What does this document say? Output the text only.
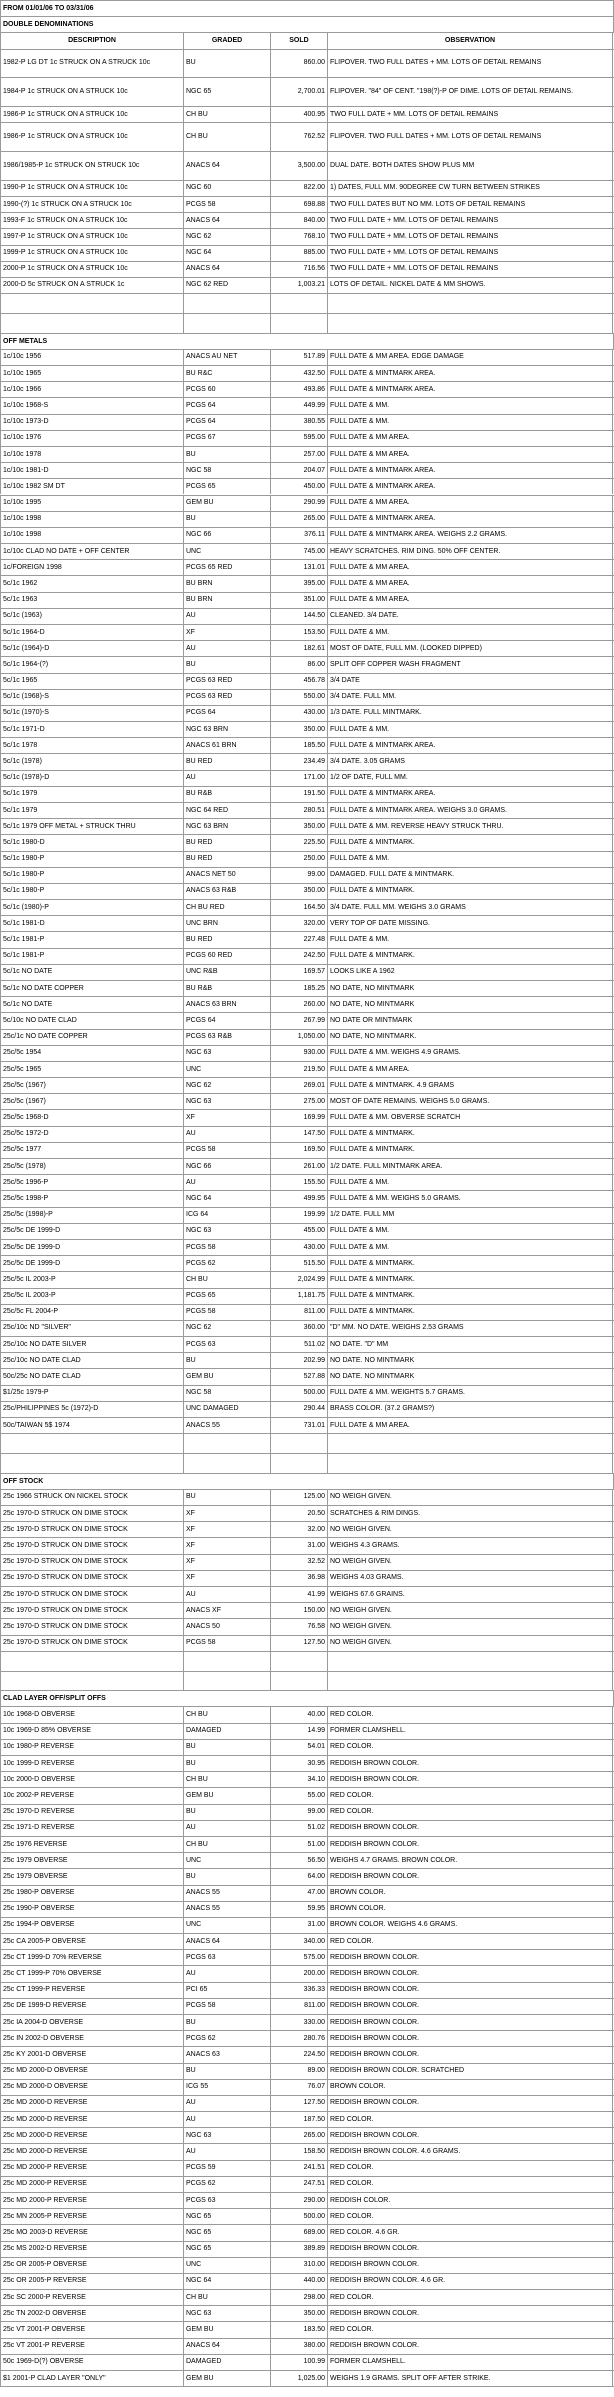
FROM 01/01/06 TO 03/31/06
DOUBLE DENOMINATIONS
DESCRIPTION	GRADED	SOLD	OBSERVATION
1982-P LG DT 1c STRUCK ON A STRUCK 10c	BU	860.00 FLIPOVER. TWO FULL DATES + MM. LOTS OF DETAIL REMAINS
1984-P 1c STRUCK ON A STRUCK 10c	NGC 65	2,700.01 FLIPOVER. "84" OF CENT. "198(?)-P OF DIME. LOTS OF DETAIL REMAINS.
1986-P 1c STRUCK ON A STRUCK 10c	CH BU	400.95 TWO FULL DATE + MM. LOTS OF DETAIL REMAINS
1986-P 1c STRUCK ON A STRUCK 10c	CH BU	762.52 FLIPOVER. TWO FULL DATES + MM. LOTS OF DETAIL REMAINS
1986/1985-P 1c STRUCK ON STRUCK 10c	ANACS 64	3,500.00 DUAL DATE. BOTH DATES SHOW PLUS MM
1990-P 1c STRUCK ON A STRUCK 10c	NGC 60	822.00 1) DATES, FULL MM. 90DEGREE CW TURN BETWEEN STRIKES
1990-(?) 1c STRUCK ON A STRUCK 10c	PCGS 58	698.88 TWO FULL DATES BUT NO MM. LOTS OF DETAIL REMAINS
1993-F 1c STRUCK ON A STRUCK 10c	ANACS 64	840.00 TWO FULL DATE + MM. LOTS OF DETAIL REMAINS
1997-P 1c STRUCK ON A STRUCK 10c	NGC 62	768.10 TWO FULL DATE + MM. LOTS OF DETAIL REMAINS
1999-P 1c STRUCK ON A STRUCK 10c	NGC 64	885.00 TWO FULL DATE + MM. LOTS OF DETAIL REMAINS
2000-P 1c STRUCK ON A STRUCK 10c	ANACS 64	716.56 TWO FULL DATE + MM. LOTS OF DETAIL REMAINS
2000-D 5c STRUCK ON A STRUCK 1c	NGC 62 RED	1,003.21 LOTS OF DETAIL. NICKEL DATE & MM SHOWS.
OFF METALS
1c/10c 1956	ANACS AU NET	517.89 FULL DATE & MM AREA. EDGE DAMAGE
1c/10c 1965	BU R&C	432.50 FULL DATE & MINTMARK AREA.
1c/10c 1966	PCGS 60	493.86 FULL DATE & MINTMARK AREA.
1c/10c 1968-S	PCGS 64	449.99 FULL DATE & MM.
1c/10c 1973-D	PCGS 64	380.55 FULL DATE & MM.
1c/10c 1976	PCGS 67	595.00 FULL DATE & MM AREA.
1c/10c 1978	BU	257.00 FULL DATE & MM AREA.
1c/10c 1981-D	NGC 58	204.07 FULL DATE & MINTMARK AREA.
1c/10c 1982 SM DT	PCGS 65	450.00 FULL DATE & MINTMARK AREA.
1c/10c 1995	GEM BU	290.99 FULL DATE & MM AREA.
1c/10c 1998	BU	265.00 FULL DATE & MINTMARK AREA.
1c/10c 1998	NGC 66	376.11 FULL DATE & MINTMARK AREA. WEIGHS 2.2 GRAMS.
1c/10c CLAD NO DATE + OFF CENTER	UNC	745.00 HEAVY SCRATCHES. RIM DING. 50% OFF CENTER.
1c/FOREIGN 1998	PCGS 65 RED	131.01 FULL DATE & MM AREA.
5c/1c 1962	BU BRN	395.00 FULL DATE & MM AREA.
5c/1c 1963	BU BRN	351.00 FULL DATE & MM AREA.
5c/1c (1963)	AU	144.50 CLEANED. 3/4 DATE.
5c/1c 1964-D	XF	153.50 FULL DATE & MM.
5c/1c (1964)-D	AU	182.61 MOST OF DATE, FULL MM. (LOOKED DIPPED)
5c/1c 1964-(?)	BU	86.00 SPLIT OFF COPPER WASH FRAGMENT
5c/1c 1965	PCGS 63 RED	456.78 3/4 DATE
5c/1c (1968)-S	PCGS 63 RED	550.00 3/4 DATE. FULL MM.
5c/1c (1970)-S	PCGS 64	430.00 1/3 DATE. FULL MINTMARK.
5c/1c 1971-D	NGC 63 BRN	350.00 FULL DATE & MM.
5c/1c 1978	ANACS 61 BRN	185.50 FULL DATE & MINTMARK AREA.
5c/1c (1978)	BU RED	234.49 3/4 DATE. 3.05 GRAMS
5c/1c (1978)-D	AU	171.00 1/2 OF DATE, FULL MM.
5c/1c 1979	BU R&B	191.50 FULL DATE & MINTMARK AREA.
5c/1c 1979	NGC 64 RED	280.51 FULL DATE & MINTMARK AREA. WEIGHS 3.0 GRAMS.
5c/1c 1979 OFF METAL + STRUCK THRU	NGC 63 BRN	350.00 FULL DATE & MM. REVERSE HEAVY STRUCK THRU.
5c/1c 1980-D	BU RED	225.50 FULL DATE & MINTMARK.
5c/1c 1980-P	BU RED	250.00 FULL DATE & MM.
5c/1c 1980-P	ANACS NET 50	99.00 DAMAGED. FULL DATE & MINTMARK.
5c/1c 1980-P	ANACS 63 R&B	350.00 FULL DATE & MINTMARK.
5c/1c (1980)-P	CH BU RED	164.50 3/4 DATE. FULL MM. WEIGHS 3.0 GRAMS
5c/1c 1981-D	UNC BRN	320.00 VERY TOP OF DATE MISSING.
5c/1c 1981-P	BU RED	227.48 FULL DATE & MM.
5c/1c 1981-P	PCGS 60 RED	242.50 FULL DATE & MINTMARK.
5c/1c NO DATE	UNC R&B	169.57 LOOKS LIKE A 1962
5c/1c NO DATE COPPER	BU R&B	185.25 NO DATE, NO MINTMARK
5c/1c NO DATE	ANACS 63 BRN	260.00 NO DATE, NO MINTMARK
5c/10c NO DATE CLAD	PCGS 64	267.99 NO DATE OR MINTMARK
25c/1c NO DATE COPPER	PCGS 63 R&B	1,050.00 NO DATE, NO MINTMARK.
25c/5c 1954	NGC 63	930.00 FULL DATE & MM. WEIGHS 4.9 GRAMS.
25c/5c 1965	UNC	219.50 FULL DATE & MM AREA.
25c/5c (1967)	NGC 62	269.01 FULL DATE & MINTMARK. 4.9 GRAMS
25c/5c (1967)	NGC 63	275.00 MOST OF DATE REMAINS. WEIGHS 5.0 GRAMS.
25c/5c 1968-D	XF	169.99 FULL DATE & MM. OBVERSE SCRATCH
25c/5c 1972-D	AU	147.50 FULL DATE & MINTMARK.
25c/5c 1977	PCGS 58	169.50 FULL DATE & MINTMARK.
25c/5c (1978)	NGC 66	261.00 1/2 DATE. FULL MINTMARK AREA.
25c/5c 1996-P	AU	155.50 FULL DATE & MM.
25c/5c 1998-P	NGC 64	499.95 FULL DATE & MM. WEIGHS 5.0 GRAMS.
25c/5c (1998)-P	ICG 64	199.99 1/2 DATE. FULL MM
25c/5c DE 1999-D	NGC 63	455.00 FULL DATE & MM.
25c/5c DE 1999-D	PCGS 58	430.00 FULL DATE & MM.
25c/5c DE 1999-D	PCGS 62	515.50 FULL DATE & MINTMARK.
25c/5c IL 2003-P	CH BU	2,024.99 FULL DATE & MINTMARK.
25c/5c IL 2003-P	PCGS 65	1,181.75 FULL DATE & MINTMARK.
25c/5c FL 2004-P	PCGS 58	811.00 FULL DATE & MINTMARK.
25c/10c ND "SILVER"	NGC 62	360.00 "D" MM. NO DATE. WEIGHS 2.53 GRAMS
25c/10c NO DATE SILVER	PCGS 63	511.02 NO DATE. "D" MM
25c/10c NO DATE CLAD	BU	202.99 NO DATE. NO MINTMARK
50c/25c NO DATE CLAD	GEM BU	527.88 NO DATE. NO MINTMARK
$1/25c 1979-P	NGC 58	500.00 FULL DATE & MM. WEIGHTS 5.7 GRAMS.
25c/PHILIPPINES 5c (1972)-D	UNC DAMAGED	290.44 BRASS COLOR. (37.2 GRAMS?)
50c/TAIWAN 5$ 1974	ANACS 55	731.01 FULL DATE & MM AREA.
OFF STOCK
25c 1966 STRUCK ON NICKEL STOCK	BU	125.00 NO WEIGH GIVEN.
25c 1970-D STRUCK ON DIME STOCK	XF	20.50 SCRATCHES & RIM DINGS.
25c 1970-D STRUCK ON DIME STOCK	XF	32.00 NO WEIGH GIVEN.
25c 1970-D STRUCK ON DIME STOCK	XF	31.00 WEIGHS 4.3 GRAMS.
25c 1970-D STRUCK ON DIME STOCK	XF	32.52 NO WEIGH GIVEN.
25c 1970-D STRUCK ON DIME STOCK	XF	36.98 WEIGHS 4.03 GRAMS.
25c 1970-D STRUCK ON DIME STOCK	AU	41.99 WEIGHS 67.6 GRAINS.
25c 1970-D STRUCK ON DIME STOCK	ANACS XF	150.00 NO WEIGH GIVEN.
25c 1970-D STRUCK ON DIME STOCK	ANACS 50	76.58 NO WEIGH GIVEN.
25c 1970-D STRUCK ON DIME STOCK	PCGS 58	127.50 NO WEIGH GIVEN.
CLAD LAYER OFF/SPLIT OFFS
10c 1968-D OBVERSE	CH BU	40.00 RED COLOR.
10c 1969-D 85% OBVERSE	DAMAGED	14.99 FORMER CLAMSHELL.
10c 1980-P REVERSE	BU	54.01 RED COLOR.
10c 1999-D REVERSE	BU	30.95 REDDISH BROWN COLOR.
10c 2000-D OBVERSE	CH BU	34.10 REDDISH BROWN COLOR.
10c 2002-P REVERSE	GEM BU	55.00 RED COLOR.
25c 1970-D REVERSE	BU	99.00 RED COLOR.
25c 1971-D REVERSE	AU	51.02 REDDISH BROWN COLOR.
25c 1976 REVERSE	CH BU	51.00 REDDISH BROWN COLOR.
25c 1979 OBVERSE	UNC	56.50 WEIGHS 4.7 GRAMS. BROWN COLOR.
25c 1979 OBVERSE	BU	64.00 REDDISH BROWN COLOR.
25c 1980-P OBVERSE	ANACS 55	47.00 BROWN COLOR.
25c 1990-P OBVERSE	ANACS 55	59.95 BROWN COLOR.
25c 1994-P OBVERSE	UNC	31.00 BROWN COLOR. WEIGHS 4.6 GRAMS.
25c CA 2005-P OBVERSE	ANACS 64	340.00 RED COLOR.
25c CT 1999-D 70% REVERSE	PCGS 63	575.00 REDDISH BROWN COLOR.
25c CT 1999-P 70% OBVERSE	AU	200.00 REDDISH BROWN COLOR.
25c CT 1999-P REVERSE	PCI 65	336.33 REDDISH BROWN COLOR.
25c DE 1999-D REVERSE	PCGS 58	811.00 REDDISH BROWN COLOR.
25c IA 2004-D OBVERSE	BU	330.00 REDDISH BROWN COLOR.
25c IN 2002-D OBVERSE	PCGS 62	280.76 REDDISH BROWN COLOR.
25c KY 2001-D OBVERSE	ANACS 63	224.50 REDDISH BROWN COLOR.
25c MD 2000-D OBVERSE	BU	89.00 REDDISH BROWN COLOR. SCRATCHED
25c MD 2000-D OBVERSE	ICG 55	76.07 BROWN COLOR.
25c MD 2000-D REVERSE	AU	127.50 REDDISH BROWN COLOR.
25c MD 2000-D REVERSE	AU	187.50 RED COLOR.
25c MD 2000-D REVERSE	NGC 63	265.00 REDDISH BROWN COLOR.
25c MD 2000-D REVERSE	AU	158.50 REDDISH BROWN COLOR. 4.6 GRAMS.
25c MD 2000-P REVERSE	PCGS 59	241.51 RED COLOR.
25c MD 2000-P REVERSE	PCGS 62	247.51 RED COLOR.
25c MD 2000-P REVERSE	PCGS 63	290.00 REDDISH COLOR.
25c MN 2005-P REVERSE	NGC 65	500.00 RED COLOR.
25c MO 2003-D REVERSE	NGC 65	689.00 RED COLOR. 4.6 GR.
25c MS 2002-D REVERSE	NGC 65	389.89 REDDISH BROWN COLOR.
25c OR 2005-P OBVERSE	UNC	310.00 REDDISH BROWN COLOR.
25c OR 2005-P REVERSE	NGC 64	440.00 REDDISH BROWN COLOR. 4.6 GR.
25c SC 2000-P REVERSE	CH BU	298.00 RED COLOR.
25c TN 2002-D OBVERSE	NGC 63	350.00 REDDISH BROWN COLOR.
25c VT 2001-P OBVERSE	GEM BU	183.50 RED COLOR.
25c VT 2001-P REVERSE	ANACS 64	380.00 REDDISH BROWN COLOR.
50c 1969-D(?) OBVERSE	DAMAGED	100.99 FORMER CLAMSHELL.
$1 2001-P CLAD LAYER "ONLY"	GEM BU	1,025.00 WEIGHS 1.9 GRAMS. SPLIT OFF AFTER STRIKE.
